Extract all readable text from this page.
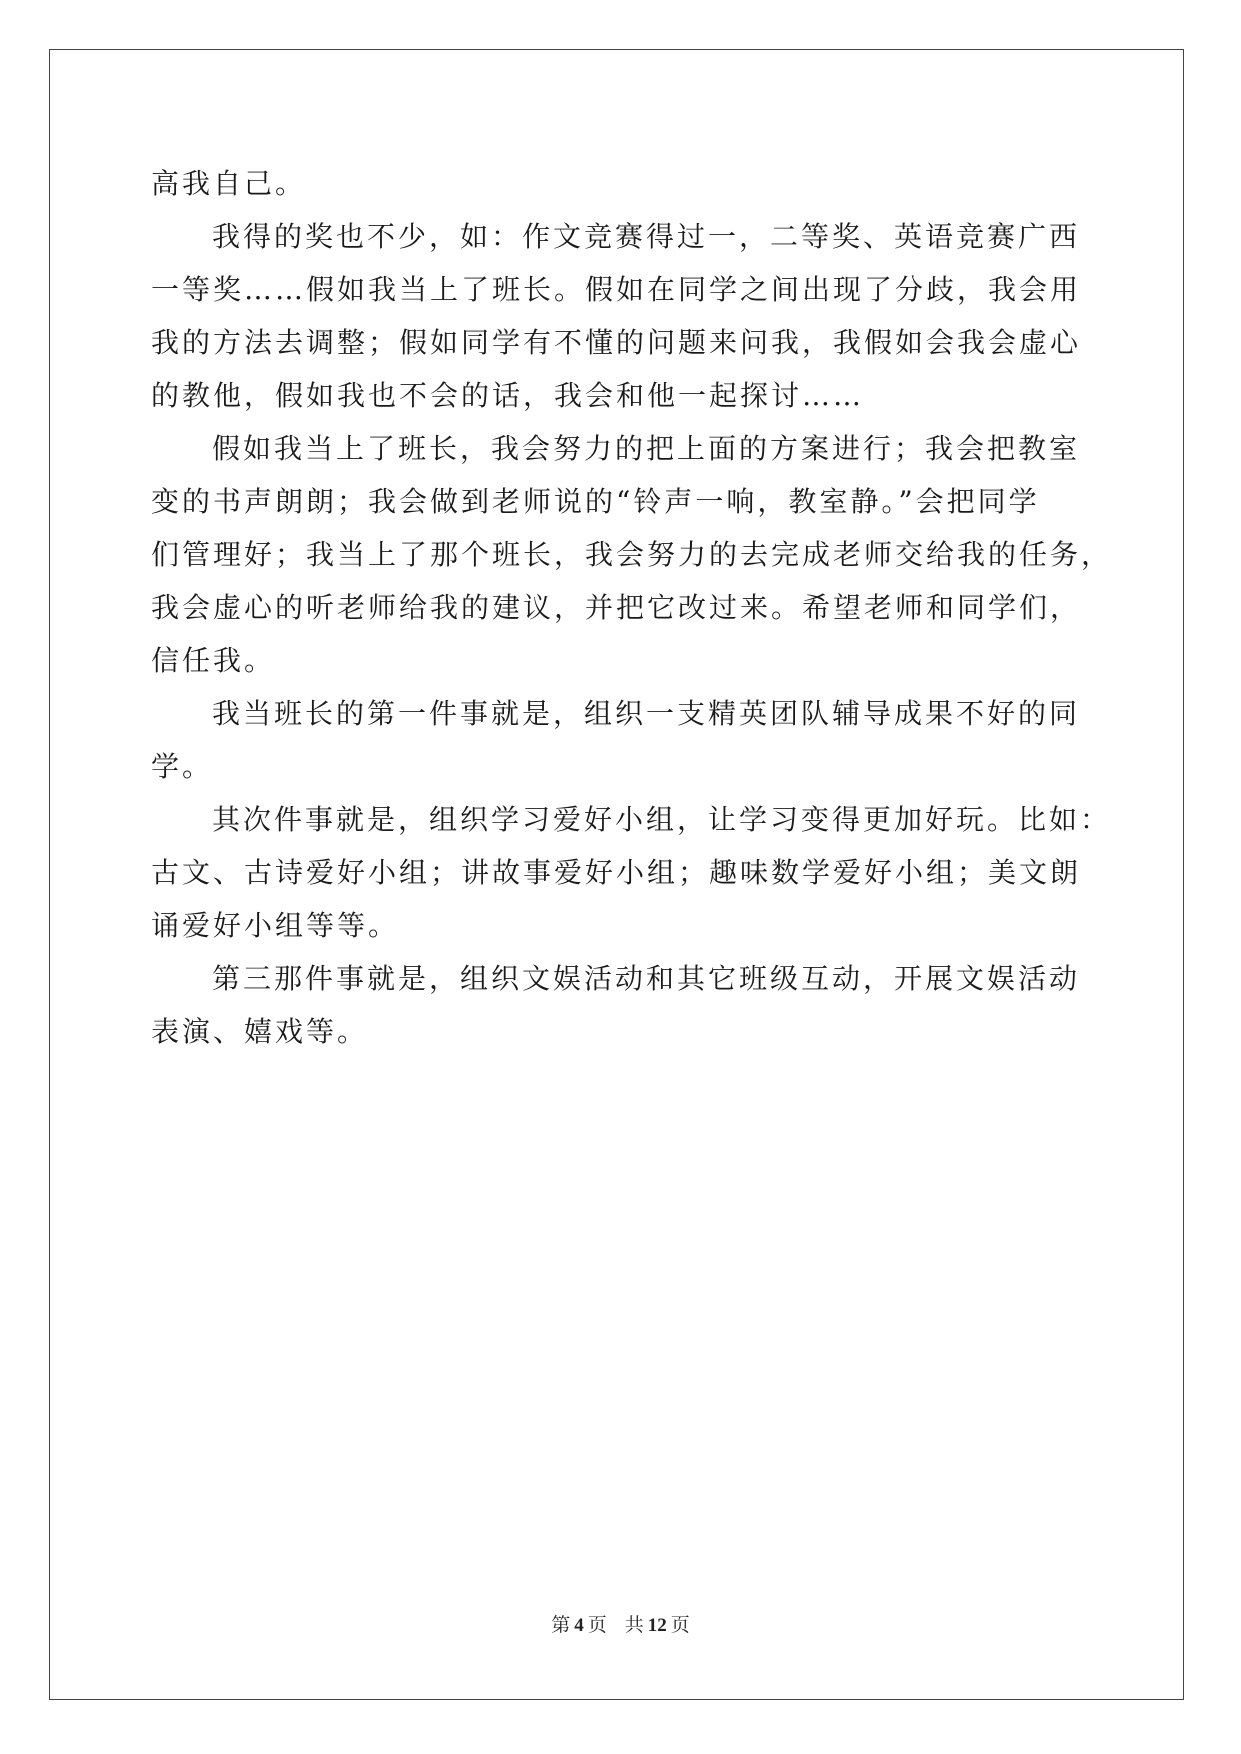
高我自己。
我得的奖也不少，如：作文竞赛得过一，二等奖、英语竞赛广西
一等奖……假如我当上了班长。假如在同学之间出现了分歧，我会用
我的方法去调整；假如同学有不懂的问题来问我，我假如会我会虚心
的教他，假如我也不会的话，我会和他一起探讨……
假如我当上了班长，我会努力的把上面的方案进行；我会把教室
变的书声朗朗；我会做到老师说的“铃声一响，教室静。”会把同学
们管理好；我当上了那个班长，我会努力的去完成老师交给我的任务，
我会虚心的听老师给我的建议，并把它改过来。希望老师和同学们，
信任我。
我当班长的第一件事就是，组织一支精英团队辅导成果不好的同
学。
其次件事就是，组织学习爱好小组，让学习变得更加好玩。比如：
古文、古诗爱好小组；讲故事爱好小组；趣味数学爱好小组；美文朗
诵爱好小组等等。
第三那件事就是，组织文娱活动和其它班级互动，开展文娱活动
表演、嬉戏等。
第 4 页 共 12 页
